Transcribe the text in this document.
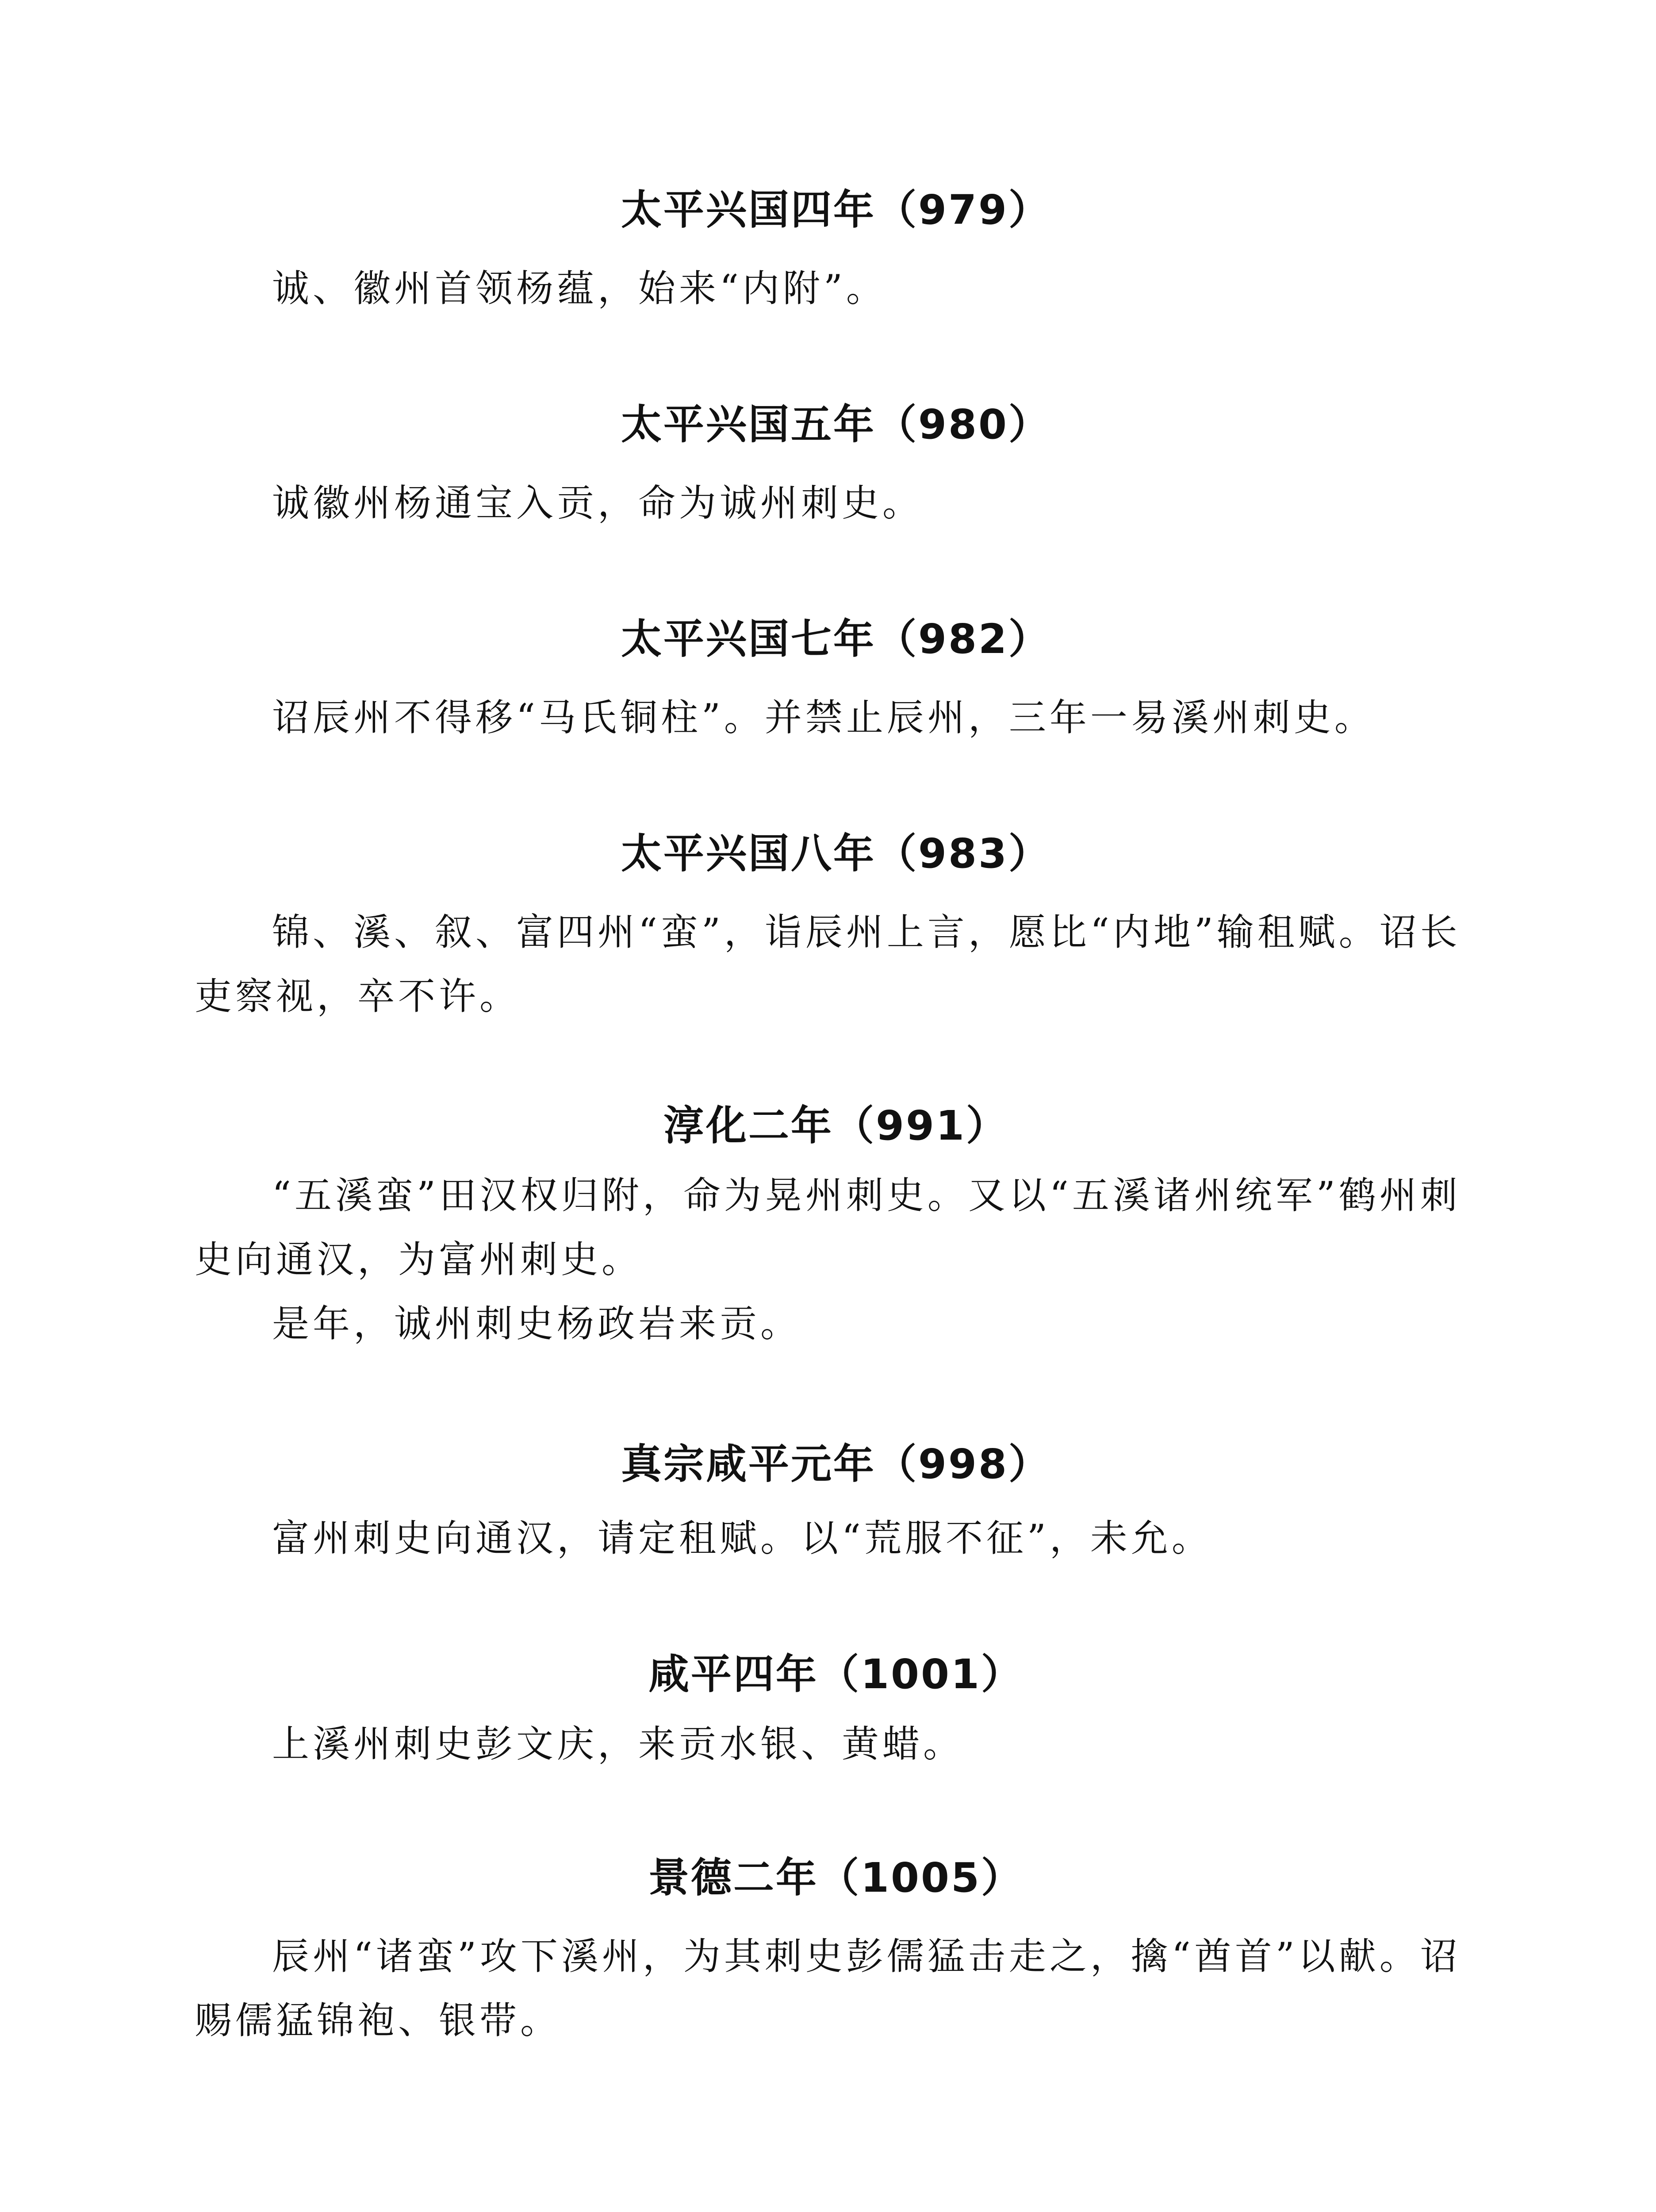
太平兴国四年（979）

诚、徽州首领杨蕴，始来“内附”。

太平兴国五年（980）

诚徽州杨通宝入贡，命为诚州刺史。

太平兴国七年（982）

诏辰州不得移“马氏铜柱”。并禁止辰州，三年一易溪州刺史。

太平兴国八年（983）

锦、溪、叙、富四州“蛮”，诣辰州上言，愿比“内地”输租赋。诏长吏察视，卒不许。

淳化二年（991）

“五溪蛮”田汉权归附，命为晃州刺史。又以“五溪诸州统军”鹤州刺史向通汉，为富州刺史。

是年，诚州刺史杨政岩来贡。

真宗咸平元年（998）

富州刺史向通汉，请定租赋。以“荒服不征”，未允。

咸平四年（1001）

上溪州刺史彭文庆，来贡水银、黄蜡。

景德二年（1005）

辰州“诸蛮”攻下溪州，为其刺史彭儒猛击走之，擒“酋首”以献。诏赐儒猛锦袍、银带。
